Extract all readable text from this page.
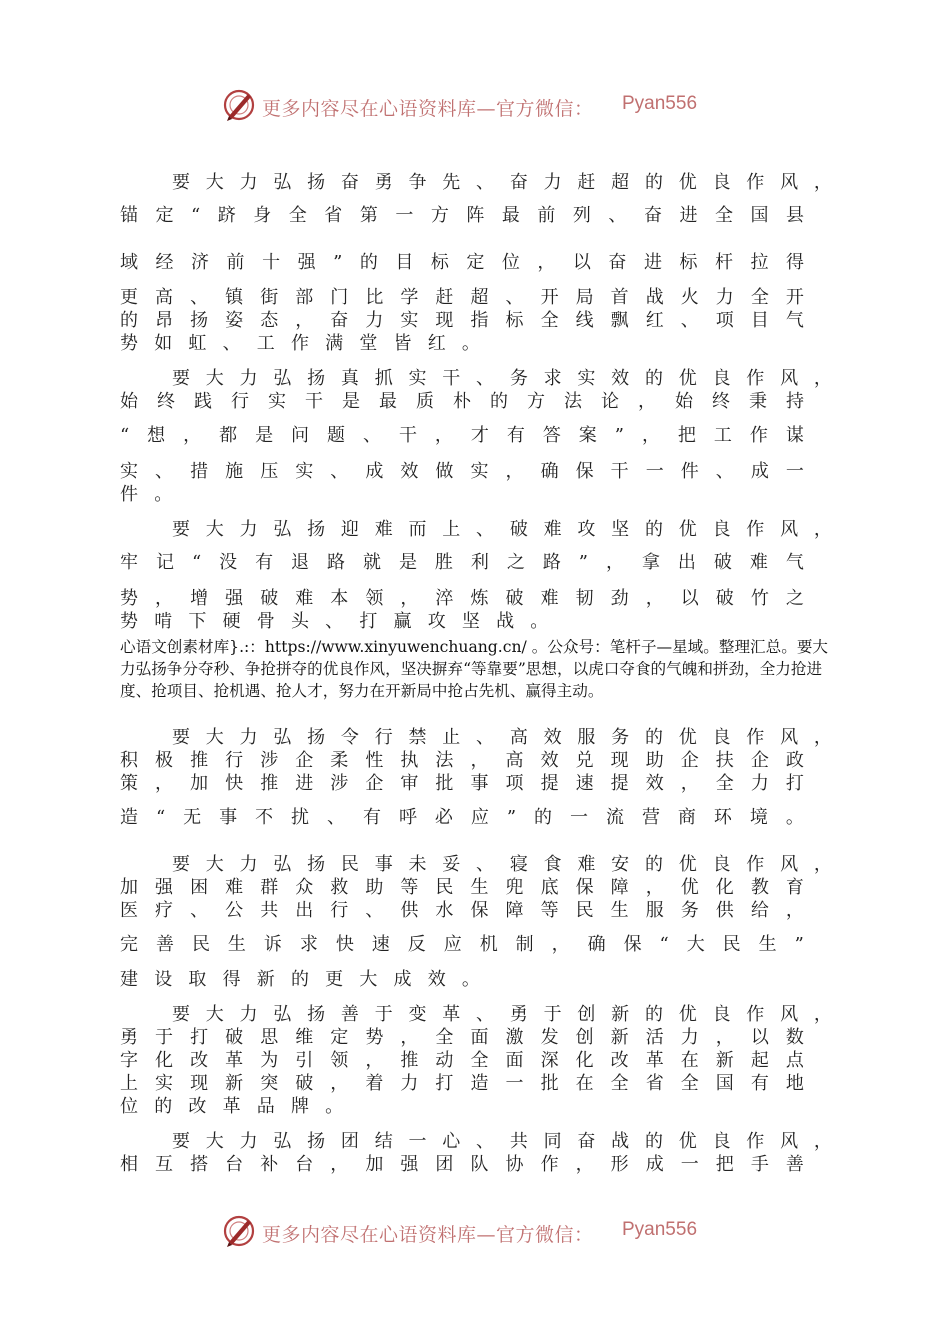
更多内容尽在心语资料库—官方微信： Pyan556
要 大 力 弘 扬 奋 勇 争 先 、 奋 力 赶 超 的 优 良 作 风 ，
锚 定 “ 跻 身 全 省 第 一 方 阵 最 前 列 、 奋 进 全 国 县
域 经 济 前 十 强 ” 的 目 标 定 位 ， 以 奋 进 标 杆 拉 得
更 高 、 镇 街 部 门 比 学 赶 超 、 开 局 首 战 火 力 全 开
的 昂 扬 姿 态 ， 奋 力 实 现 指 标 全 线 飘 红 、 项 目 气
势 如 虹 、 工 作 满 堂 皆 红 。
要 大 力 弘 扬 真 抓 实 干 、 务 求 实 效 的 优 良 作 风 ，
始 终 践 行 实 干 是 最 质 朴 的 方 法 论 ， 始 终 秉 持
“ 想 ， 都 是 问 题 、 干 ， 才 有 答 案 ” ， 把 工 作 谋
实 、 措 施 压 实 、 成 效 做 实 ， 确 保 干 一 件 、 成 一
件 。
要 大 力 弘 扬 迎 难 而 上 、 破 难 攻 坚 的 优 良 作 风 ，
牢 记 “ 没 有 退 路 就 是 胜 利 之 路 ” ， 拿 出 破 难 气
势 ， 增 强 破 难 本 领 ， 淬 炼 破 难 韧 劲 ， 以 破 竹 之
势 啃 下 硬 骨 头 、 打 赢 攻 坚 战 。
要 大 力 弘 扬 令 行 禁 止 、 高 效 服 务 的 优 良 作 风 ，
积 极 推 行 涉 企 柔 性 执 法 ， 高 效 兑 现 助 企 扶 企 政
策 ， 加 快 推 进 涉 企 审 批 事 项 提 速 提 效 ， 全 力 打
造 “ 无 事 不 扰 、 有 呼 必 应 ” 的 一 流 营 商 环 境 。
要 大 力 弘 扬 民 事 未 妥 、 寝 食 难 安 的 优 良 作 风 ，
加 强 困 难 群 众 救 助 等 民 生 兜 底 保 障 ， 优 化 教 育
医 疗 、 公 共 出 行 、 供 水 保 障 等 民 生 服 务 供 给 ，
完 善 民 生 诉 求 快 速 反 应 机 制 ， 确 保 “ 大 民 生 ”
建 设 取 得 新 的 更 大 成 效 。
要 大 力 弘 扬 善 于 变 革 、 勇 于 创 新 的 优 良 作 风 ，
勇 于 打 破 思 维 定 势 ， 全 面 激 发 创 新 活 力 ， 以 数
字 化 改 革 为 引 领 ， 推 动 全 面 深 化 改 革 在 新 起 点
上 实 现 新 突 破 ， 着 力 打 造 一 批 在 全 省 全 国 有 地
位 的 改 革 品 牌 。
要 大 力 弘 扬 团 结 一 心 、 共 同 奋 战 的 优 良 作 风 ，
相 互 搭 台 补 台 ， 加 强 团 队 协 作 ， 形 成 一 把 手 善

心语文创素材库}.:：https://www.xinyuwenchuang.cn/ 。公众号：笔杆子—星域。整理汇总。要大力弘扬争分夺秒、争抢拼夺的优良作风，坚决摒弃“等靠要”思想，以虎口夺食的气魄和拼劲，全力抢进度、抢项目、抢机遇、抢人才，努力在开新局中抢占先机、赢得主动。

更多内容尽在心语资料库—官方微信： Pyan556
